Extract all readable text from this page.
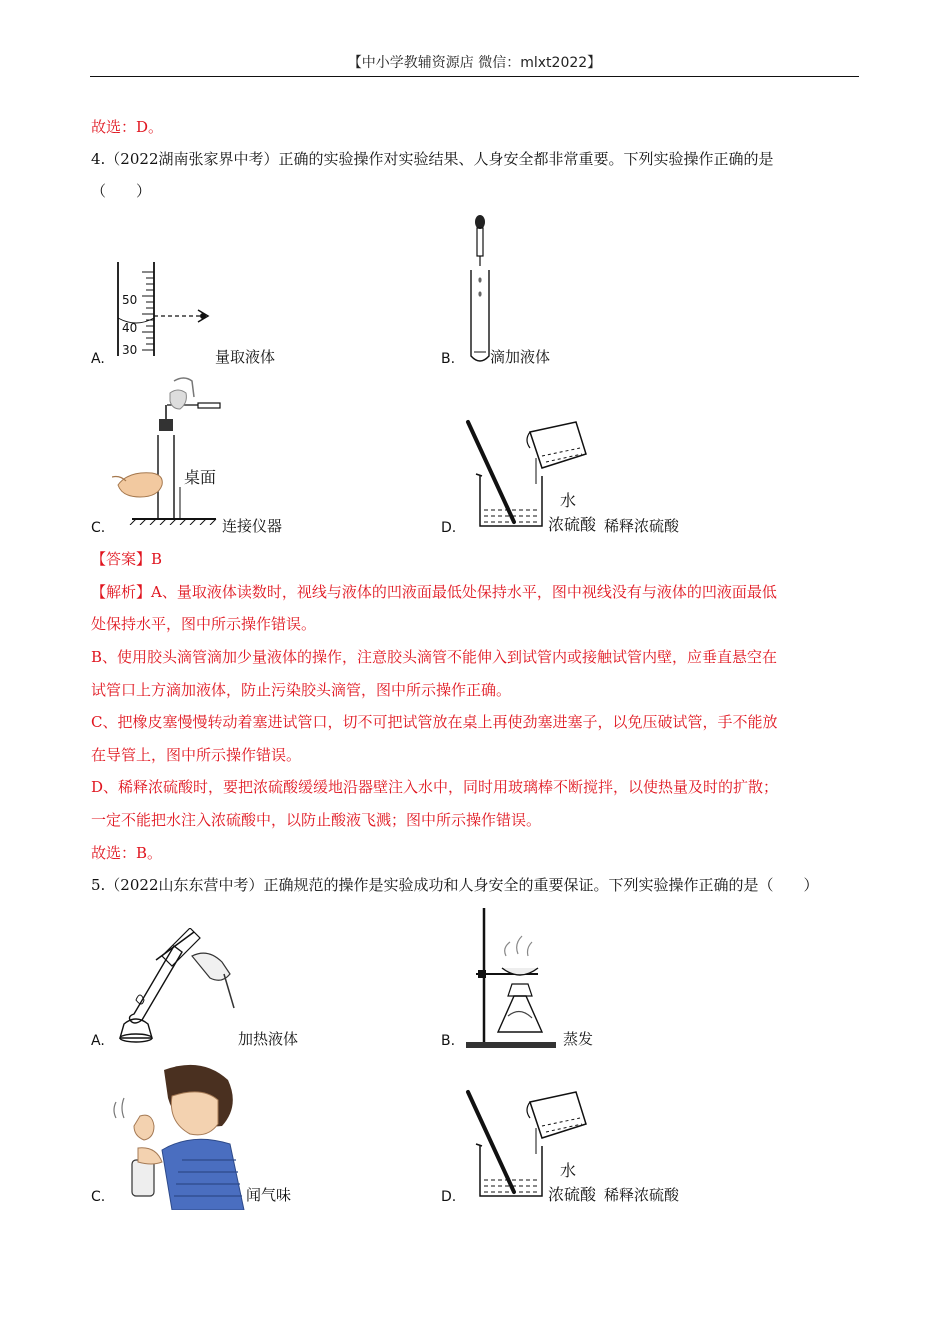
【中小学教辅资源店 微信：mlxt2022】
故选：D。
4.（2022湖南张家界中考）正确的实验操作对实验结果、人身安全都非常重要。下列实验操作正确的是
（　　）
50
40
30
A.	量取液体	B. 滴加液体
桌面
C.	连接仪器
水
浓硫酸
D.	稀释浓硫酸
【答案】B
【解析】A、量取液体读数时，视线与液体的凹液面最低处保持水平，图中视线没有与液体的凹液面最低
处保持水平，图中所示操作错误。
B、使用胶头滴管滴加少量液体的操作，注意胶头滴管不能伸入到试管内或接触试管内壁，应垂直悬空在
试管口上方滴加液体，防止污染胶头滴管，图中所示操作正确。
C、把橡皮塞慢慢转动着塞进试管口，切不可把试管放在桌上再使劲塞进塞子，以免压破试管，手不能放
在导管上，图中所示操作错误。
D、稀释浓硫酸时，要把浓硫酸缓缓地沿器壁注入水中，同时用玻璃棒不断搅拌，以使热量及时的扩散；
一定不能把水注入浓硫酸中，以防止酸液飞溅；图中所示操作错误。
故选：B。
5.（2022山东东营中考）正确规范的操作是实验成功和人身安全的重要保证。下列实验操作正确的是（　　）
A.	加热液体	B.	蒸发
C.	闻气味
水
浓硫酸
D.	稀释浓硫酸
